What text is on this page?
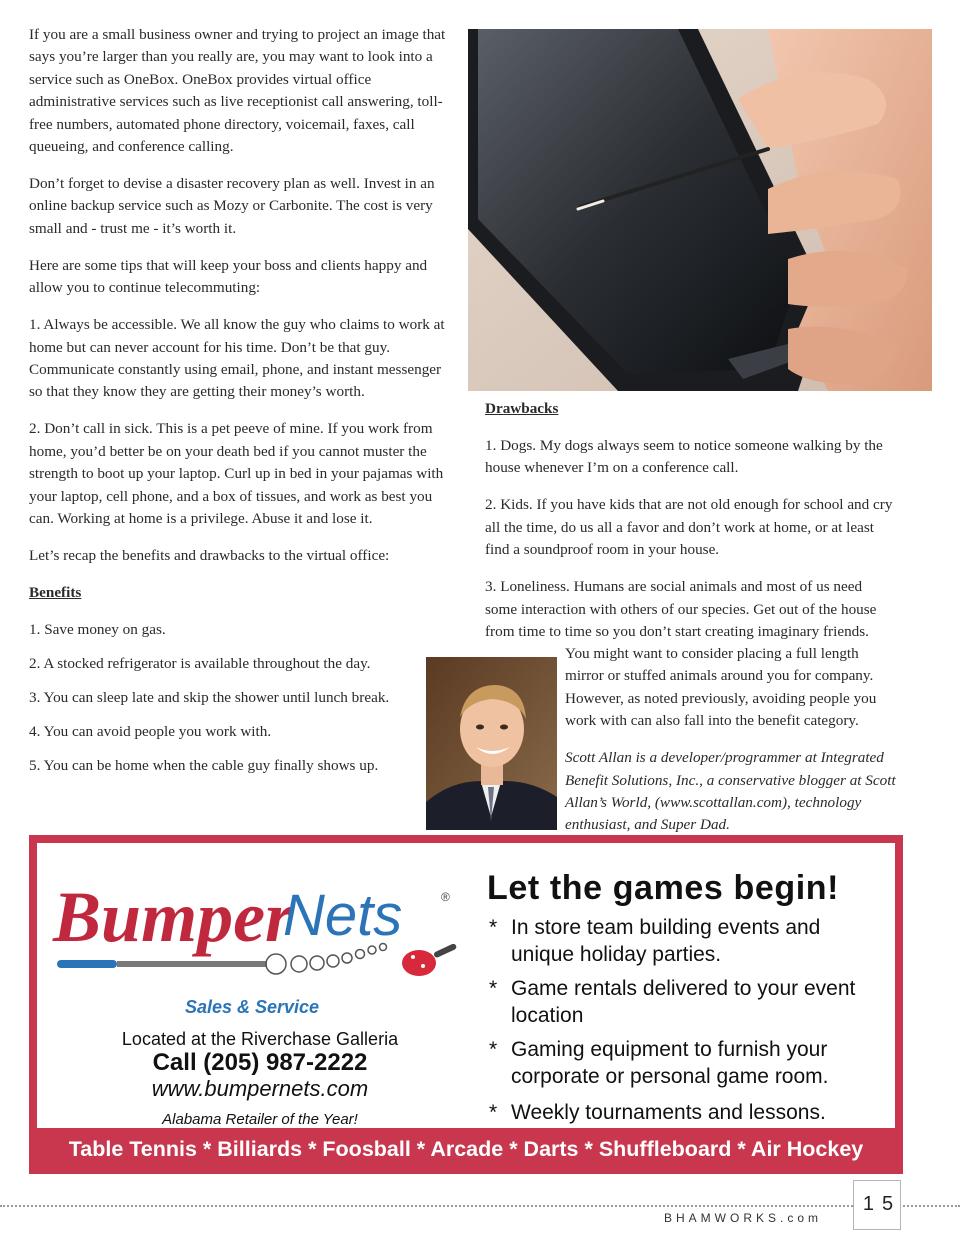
If you are a small business owner and trying to project an image that says you’re larger than you really are, you may want to look into a service such as OneBox. OneBox provides virtual office administrative services such as live receptionist call answering, toll-free numbers, automated phone directory, voicemail, faxes, call queueing, and conference calling.

Don’t forget to devise a disaster recovery plan as well. Invest in an online backup service such as Mozy or Carbonite. The cost is very small and - trust me - it’s worth it.

Here are some tips that will keep your boss and clients happy and allow you to continue telecommuting:

1. Always be accessible. We all know the guy who claims to work at home but can never account for his time. Don’t be that guy. Communicate constantly using email, phone, and instant messenger so that they know they are getting their money’s worth.

2. Don’t call in sick. This is a pet peeve of mine. If you work from home, you’d better be on your death bed if you cannot muster the strength to boot up your laptop. Curl up in bed in your pajamas with your laptop, cell phone, and a box of tissues, and work as best you can. Working at home is a privilege. Abuse it and lose it.

Let’s recap the benefits and drawbacks to the virtual office:

Benefits

1. Save money on gas.

2. A stocked refrigerator is available throughout the day.

3. You can sleep late and skip the shower until lunch break.

4. You can avoid people you work with.

5. You can be home when the cable guy finally shows up.

Drawbacks

1. Dogs. My dogs always seem to notice someone walking by the house whenever I’m on a conference call.

2. Kids. If you have kids that are not old enough for school and cry all the time, do us all a favor and don’t work at home, or at least find a soundproof room in your house.

3. Loneliness. Humans are social animals and most of us need some interaction with others of our species. Get out of the house from time to time so you don’t start creating imaginary friends.

You might want to consider placing a full length mirror or stuffed animals around you for company. However, as noted previously, avoiding people you work with can also fall into the benefit category.

Scott Allan is a developer/programmer at Integrated Benefit Solutions, Inc., a conservative blogger at Scott Allan’s World, (www.scottallan.com), technology enthusiast, and Super Dad.

Bumper
Nets	®
Sales & Service
Located at the Riverchase Galleria
Call (205) 987-2222
www.bumpernets.com
Alabama Retailer of the Year!
Let the games begin!
* In store team building events and unique holiday parties.
* Game rentals delivered to your event location
* Gaming equipment to furnish your corporate or personal game room.
* Weekly tournaments and lessons.
Table Tennis * Billiards * Foosball * Arcade * Darts * Shuffleboard * Air Hockey
15
BHAMWORKS.com
